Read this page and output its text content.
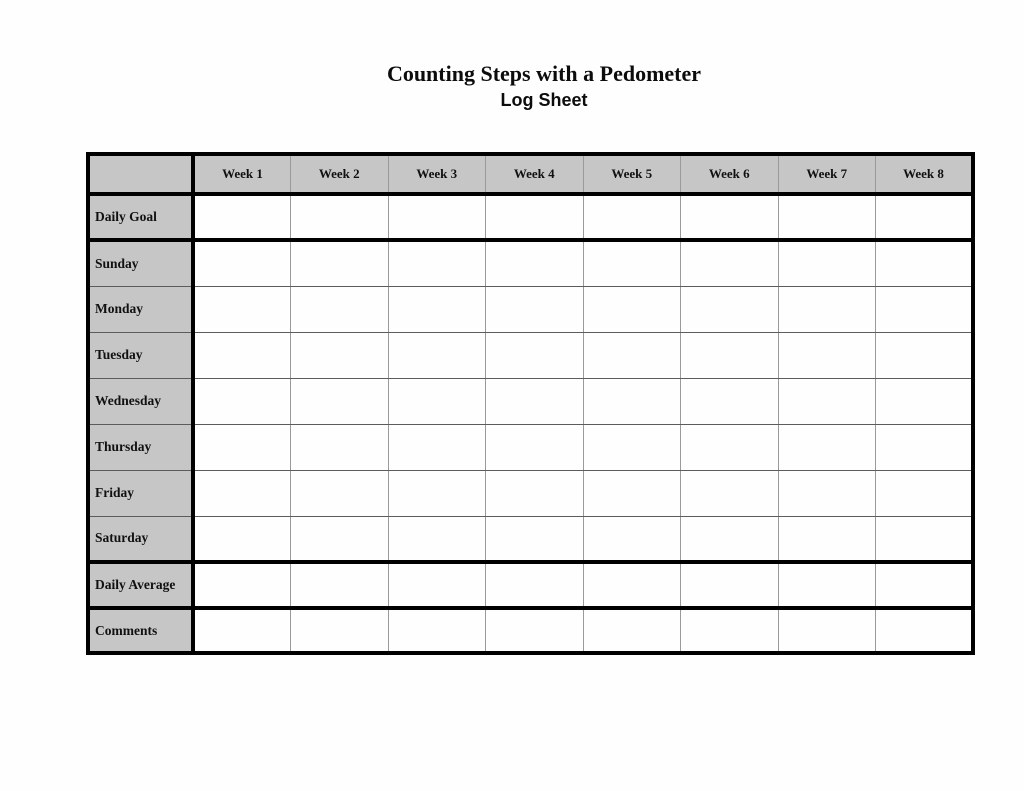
Counting Steps with a Pedometer
Log Sheet
	Week 1	Week 2	Week 3	Week 4	Week 5	Week 6	Week 7	Week 8
Daily Goal								
Sunday								
Monday								
Tuesday								
Wednesday								
Thursday								
Friday								
Saturday								
Daily Average								
Comments								
